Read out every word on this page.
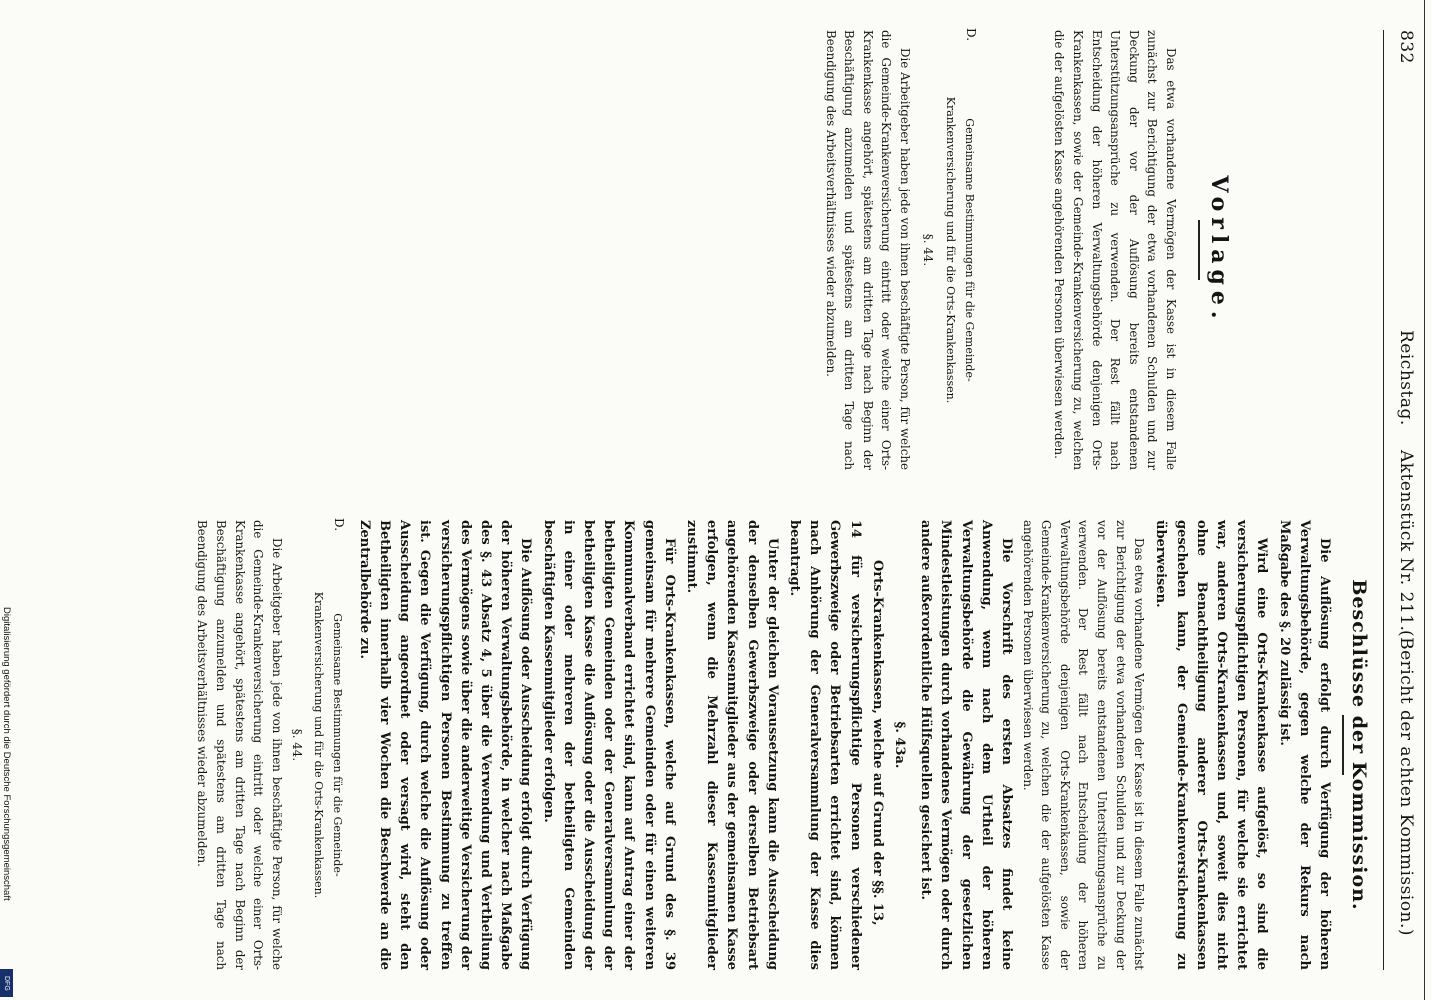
832
Reichstag.
Aktenstück Nr. 211.
(Bericht der achten Kommission.)
Vorlage.

Das etwa vorhandene Vermögen der Kasse ist in diesem Falle zunächst zur Berichtigung der etwa vorhandenen Schulden und zur Deckung der vor der Auflösung bereits entstandenen Unterstützungsansprüche zu verwenden. Der Rest fällt nach Entscheidung der höheren Verwaltungsbehörde denjenigen Orts-Krankenkassen, sowie der Gemeinde-Krankenversicherung zu, welchen die der aufgelösten Kasse angehörenden Personen überwiesen werden.

D.

Gemeinsame Bestimmungen für die Gemeinde-Krankenversicherung und für die Orts-Krankenkassen.

§. 44.

Die Arbeitgeber haben jede von ihnen beschäftigte Person, für welche die Gemeinde-Krankenversicherung eintritt oder welche einer Orts-Krankenkasse angehört, spätestens am dritten Tage nach Beginn der Beschäftigung anzumelden und spätestens am dritten Tage nach Beendigung des Arbeitsverhältnisses wieder abzumelden.

Beschlüsse der Kommission.

Die Auflösung erfolgt durch Verfügung der höheren Verwaltungsbehörde, gegen welche der Rekurs nach Maßgabe des §. 20 zulässig ist.

Wird eine Orts-Krankenkasse aufgelöst, so sind die versicherungspflichtigen Personen, für welche sie errichtet war, anderen Orts-Krankenkassen und, soweit dies nicht ohne Benachtheiligung anderer Orts-Krankenkassen geschehen kann, der Gemeinde-Krankenversicherung zu überweisen.

Das etwa vorhandene Vermögen der Kasse ist in diesem Falle zunächst zur Berichtigung der etwa vorhandenen Schulden und zur Deckung der vor der Auflösung bereits entstandenen Unterstützungsansprüche zu verwenden. Der Rest fällt nach Entscheidung der höheren Verwaltungsbehörde denjenigen Orts-Krankenkassen, sowie der Gemeinde-Krankenversicherung zu, welchen die der aufgelösten Kasse angehörenden Personen überwiesen werden.

Die Vorschrift des ersten Absatzes findet keine Anwendung, wenn nach dem Urtheil der höheren Verwaltungsbehörde die Gewährung der gesetzlichen Mindestleistungen durch vorhandenes Vermögen oder durch andere außerordentliche Hülfsquellen gesichert ist.

§. 43a.

Orts-Krankenkassen, welche auf Grund der §§. 13,

14 für versicherungspflichtige Personen verschiedener Gewerbszweige oder Betriebsarten errichtet sind, können nach Anhörung der Generalversammlung der Kasse dies beantragt.

Unter der gleichen Voraussetzung kann die Ausscheidung der denselben Gewerbszweige oder derselben Betriebsart angehörenden Kassenmitglieder aus der gemeinsamen Kasse erfolgen, wenn die Mehrzahl dieser Kassenmitglieder zustimmt.

Für Orts-Krankenkassen, welche auf Grund des §. 39 gemeinsam für mehrere Gemeinden oder für einen weiteren Kommunalverband errichtet sind, kann auf Antrag einer der betheiligten Gemeinden oder der Generalversammlung der betheiligten Kasse die Auflösung oder die Ausscheidung der in einer oder mehreren der betheiligten Gemeinden beschäftigten Kassenmitglieder erfolgen.

Die Auflösung oder Ausscheidung erfolgt durch Verfügung der höheren Verwaltungsbehörde, in welcher nach Maßgabe des §. 43 Absatz 4, 5 über die Verwendung und Vertheilung des Vermögens sowie über die anderweitige Versicherung der versicherungspflichtigen Personen Bestimmung zu treffen ist. Gegen die Verfügung, durch welche die Auflösung oder Ausscheidung angeordnet oder versagt wird, steht den Betheiligten innerhalb vier Wochen die Beschwerde an die Zentralbehörde zu.

D.

Gemeinsame Bestimmungen für die Gemeinde-Krankenversicherung und für die Orts-Krankenkassen.

§. 44.

Die Arbeitgeber haben jede von ihnen beschäftigte Person, für welche die Gemeinde-Krankenversicherung eintritt oder welche einer Orts-Krankenkasse angehört, spätestens am dritten Tage nach Beginn der Beschäftigung anzumelden und spätestens am dritten Tage nach Beendigung des Arbeitsverhältnisses wieder abzumelden.

Digitalisierung gefördert durch die Deutsche Forschungsgemeinschaft
DFG
